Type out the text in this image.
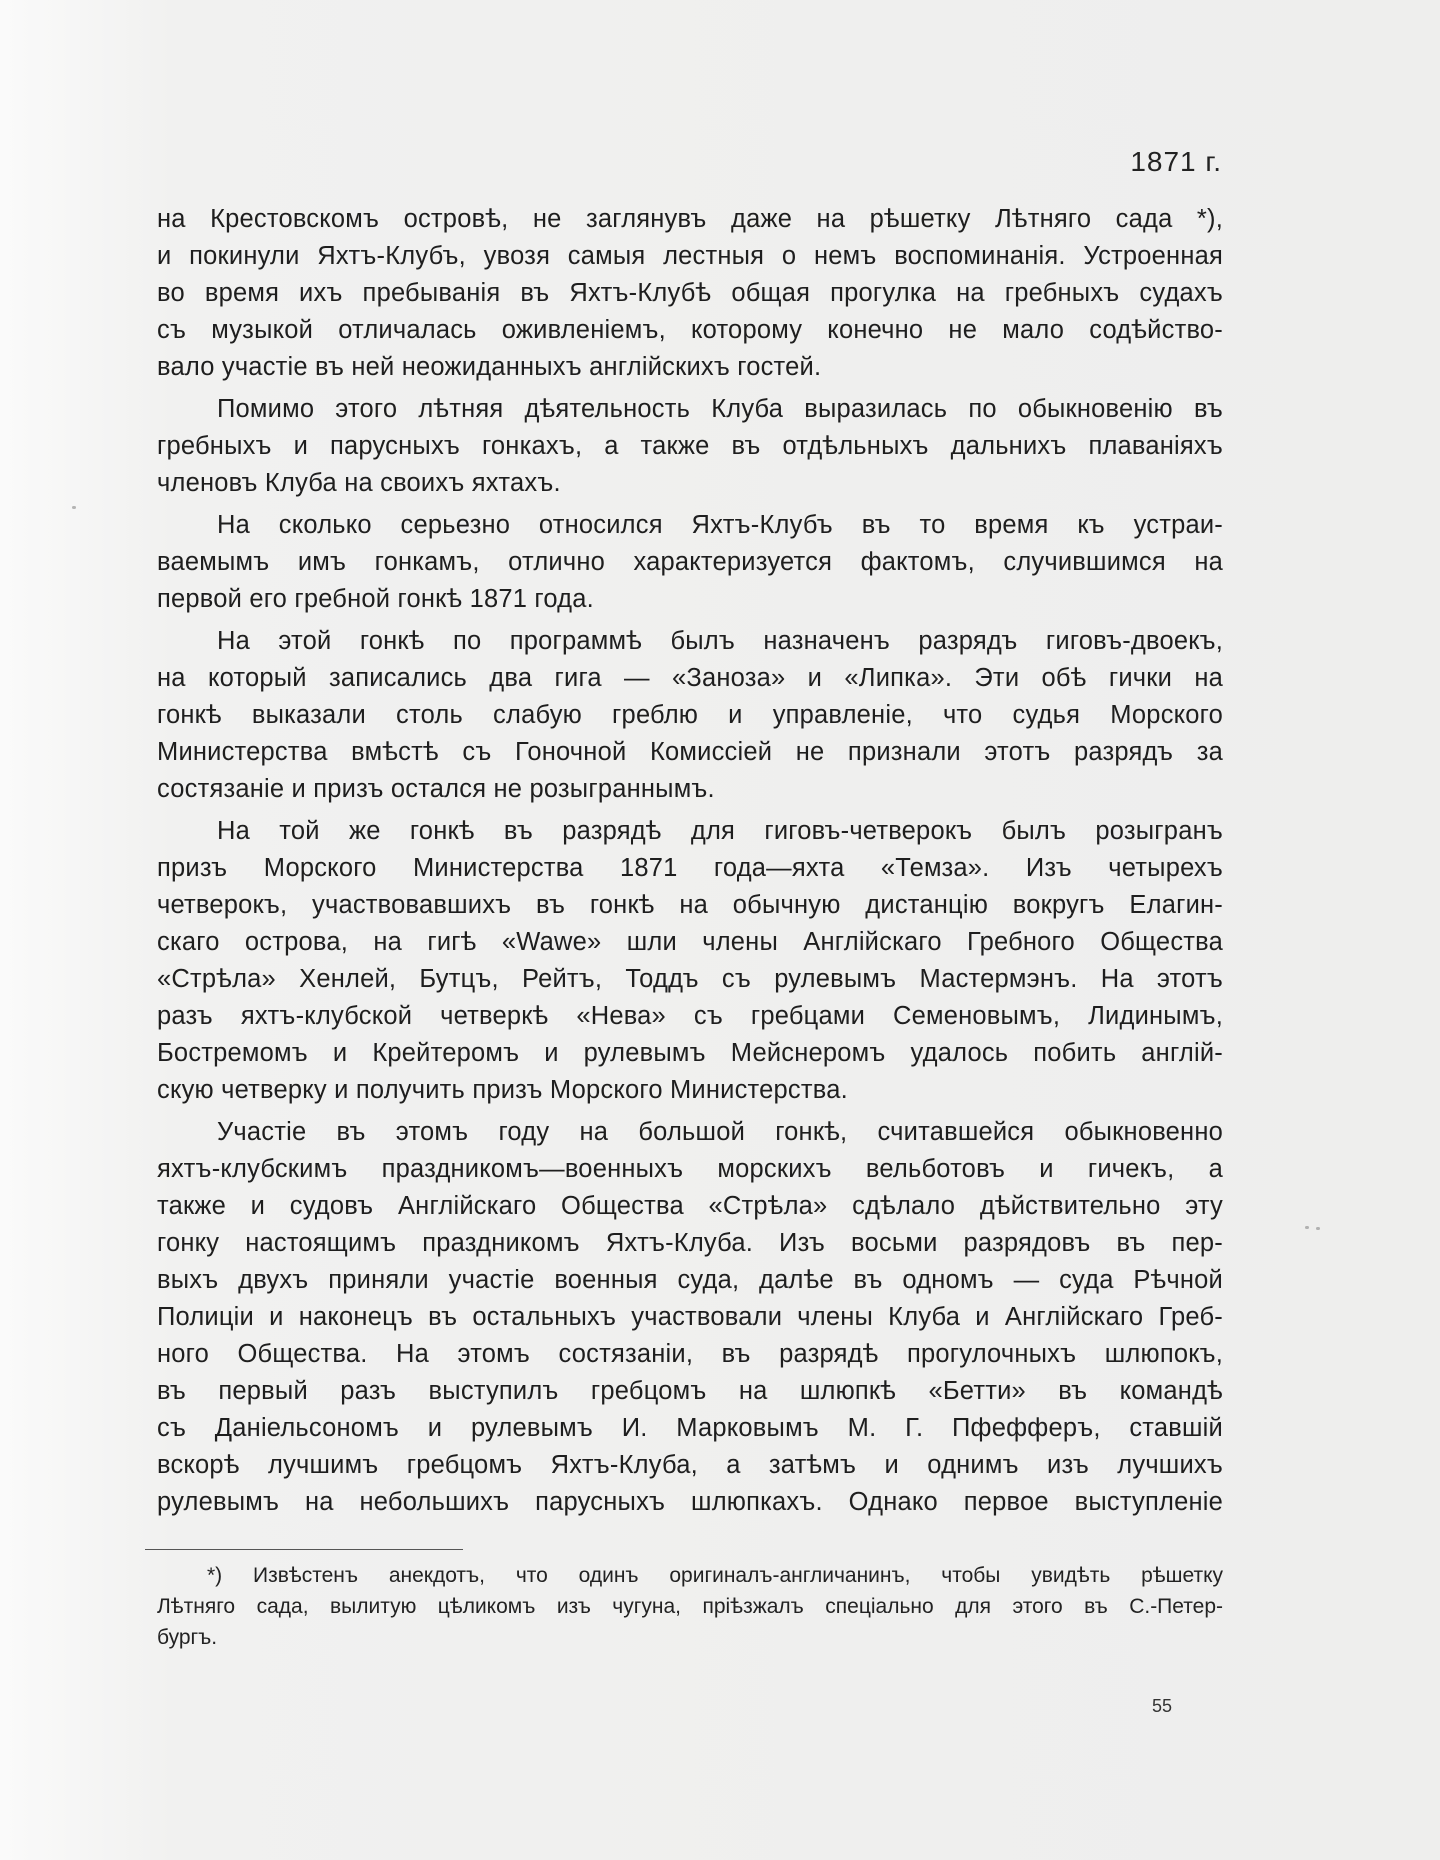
1871 г.
на Крестовскомъ островѣ, не заглянувъ даже на рѣшетку Лѣтняго сада *),
и покинули Яхтъ-Клубъ, увозя самыя лестныя о немъ воспоминанія. Устроенная
во время ихъ пребыванія въ Яхтъ-Клубѣ общая прогулка на гребныхъ судахъ
съ музыкой отличалась оживленіемъ, которому конечно не мало содѣйство-
вало участіе въ ней неожиданныхъ англійскихъ гостей.
Помимо этого лѣтняя дѣятельность Клуба выразилась по обыкновенію въ
гребныхъ и парусныхъ гонкахъ, а также въ отдѣльныхъ дальнихъ плаваніяхъ
членовъ Клуба на своихъ яхтахъ.
На сколько серьезно относился Яхтъ-Клубъ въ то время къ устраи-
ваемымъ имъ гонкамъ, отлично характеризуется фактомъ, случившимся на
первой его гребной гонкѣ 1871 года.
На этой гонкѣ по программѣ былъ назначенъ разрядъ гиговъ-двоекъ,
на который записались два гига — «Заноза» и «Липка». Эти обѣ гички на
гонкѣ выказали столь слабую греблю и управленіе, что судья Морского
Министерства вмѣстѣ съ Гоночной Комиссіей не признали этотъ разрядъ за
состязаніе и призъ остался не розыграннымъ.
На той же гонкѣ въ разрядѣ для гиговъ-четверокъ былъ розыгранъ
призъ Морского Министерства 1871 года—яхта «Темза». Изъ четырехъ
четверокъ, участвовавшихъ въ гонкѣ на обычную дистанцію вокругъ Елагин-
скаго острова, на гигѣ «Wawe» шли члены Англійскаго Гребного Общества
«Стрѣла» Хенлей, Бутцъ, Рейтъ, Тоддъ съ рулевымъ Мастермэнъ. На этотъ
разъ яхтъ-клубской четверкѣ «Нева» съ гребцами Семеновымъ, Лидинымъ,
Бостремомъ и Крейтеромъ и рулевымъ Мейснеромъ удалось побить англій-
скую четверку и получить призъ Морского Министерства.
Участіе въ этомъ году на большой гонкѣ, считавшейся обыкновенно
яхтъ-клубскимъ праздникомъ—военныхъ морскихъ вельботовъ и гичекъ, а
также и судовъ Англійскаго Общества «Стрѣла» сдѣлало дѣйствительно эту
гонку настоящимъ праздникомъ Яхтъ-Клуба. Изъ восьми разрядовъ въ пер-
выхъ двухъ приняли участіе военныя суда, далѣе въ одномъ — суда Рѣчной
Полиціи и наконецъ въ остальныхъ участвовали члены Клуба и Англійскаго Греб-
ного Общества. На этомъ состязаніи, въ разрядѣ прогулочныхъ шлюпокъ,
въ первый разъ выступилъ гребцомъ на шлюпкѣ «Бетти» въ командѣ
съ Даніельсономъ и рулевымъ И. Марковымъ М. Г. Пфефферъ, ставшій
вскорѣ лучшимъ гребцомъ Яхтъ-Клуба, а затѣмъ и однимъ изъ лучшихъ
рулевымъ на небольшихъ парусныхъ шлюпкахъ. Однако первое выступленіе
*) Извѣстенъ анекдотъ, что одинъ оригиналъ-англичанинъ, чтобы увидѣть рѣшетку
Лѣтняго сада, вылитую цѣликомъ изъ чугуна, пріѣзжалъ спеціально для этого въ С.-Петер-
бургъ.
55
